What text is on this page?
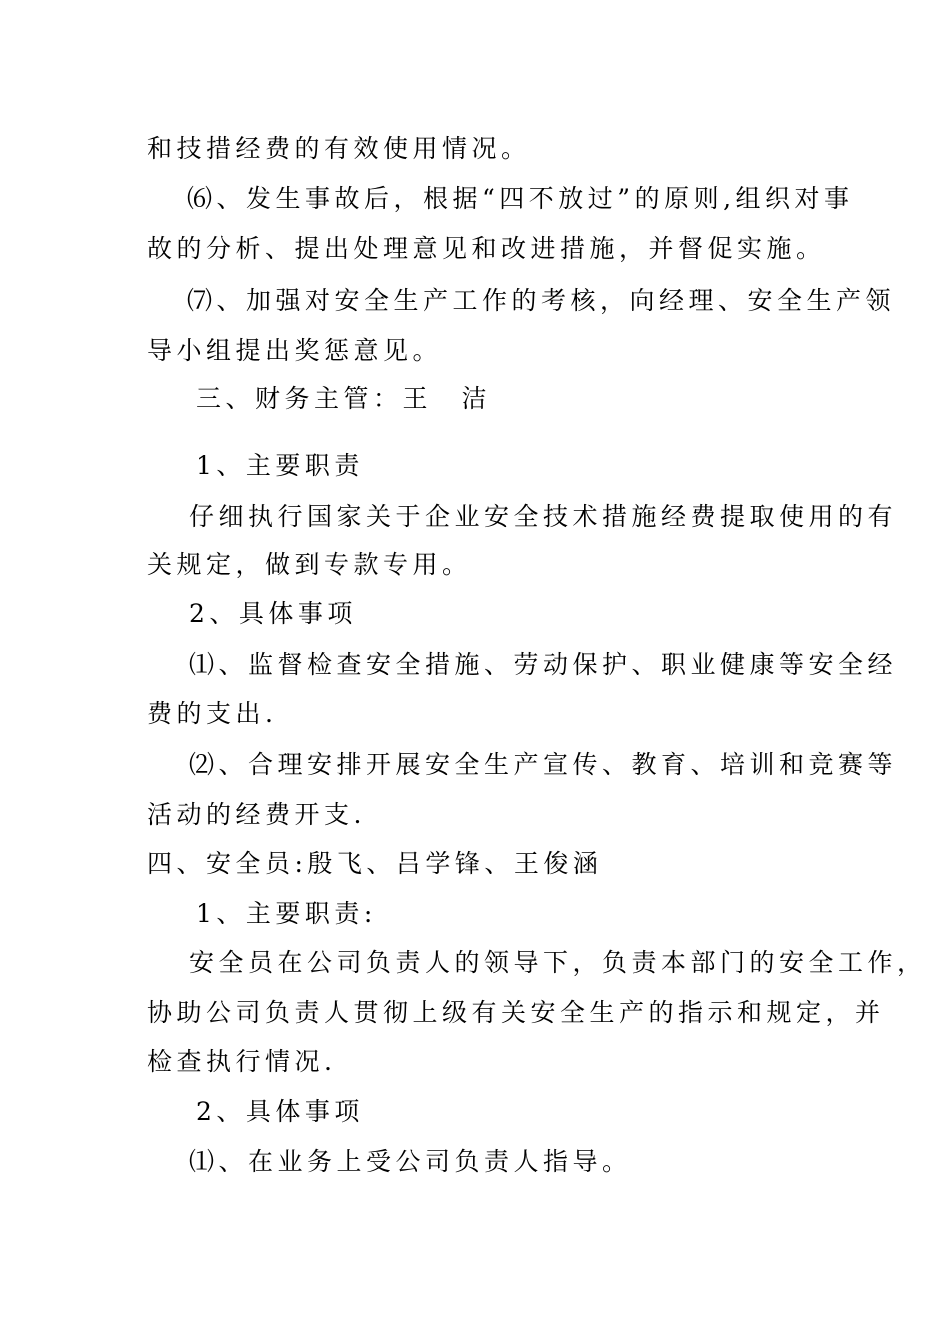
和技措经费的有效使用情况。

⑹、发生事故后，根据“四不放过”的原则,组织对事

故的分析、提出处理意见和改进措施，并督促实施。

⑺、加强对安全生产工作的考核，向经理、安全生产领

导小组提出奖惩意见。

三、财务主管：王　洁

1、主要职责

仔细执行国家关于企业安全技术措施经费提取使用的有

关规定，做到专款专用。

2、具体事项

⑴、监督检查安全措施、劳动保护、职业健康等安全经

费的支出.

⑵、合理安排开展安全生产宣传、教育、培训和竞赛等

活动的经费开支.

四、安全员:殷飞、吕学锋、王俊涵

1、主要职责:

安全员在公司负责人的领导下，负责本部门的安全工作，

协助公司负责人贯彻上级有关安全生产的指示和规定，并

检查执行情况.

2、具体事项

⑴、在业务上受公司负责人指导。
